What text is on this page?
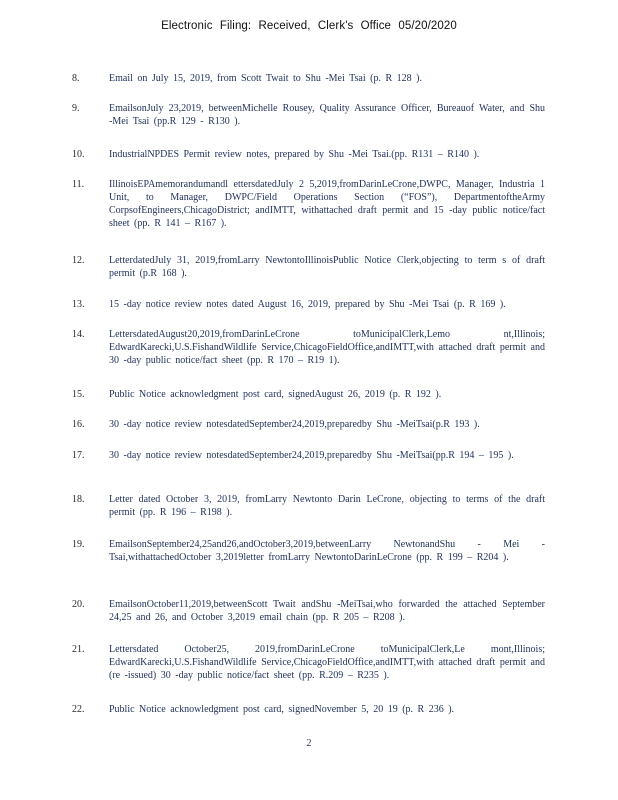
Electronic Filing: Received, Clerk's Office 05/20/2020
8.	Email on July 15, 2019, from Scott Twait to Shu -Mei Tsai (p. R 128 ).
9.	EmailsonJuly 23,2019, betweenMichelle Rousey, Quality Assurance Officer, Bureauof Water, and Shu -Mei Tsai (pp.R 129 - R130 ).
10.	IndustrialNPDES Permit review notes, prepared by Shu -Mei Tsai.(pp. R131 – R140 ).
11.	IllinoisEPAmemorandumandl ettersdatedJuly 2 5,2019,fromDarinLeCrone,DWPC, Manager, Industria 1 Unit, to Manager, DWPC/Field Operations Section (“FOS”), DepartmentoftheArmy CorpsofEngineers,ChicagoDistrict; andIMTT, withattached draft permit and 15 -day public notice/fact sheet (pp. R 141 – R167 ).
12.	LetterdatedJuly 31, 2019,fromLarry NewtontoIllinoisPublic Notice Clerk,objecting to term s of draft permit (p.R 168 ).
13.	15 -day notice review notes dated August 16, 2019, prepared by Shu -Mei Tsai (p. R 169 ).
14.	LettersdatedAugust20,2019,fromDarinLeCrone toMunicipalClerk,Lemo nt,Illinois; EdwardKarecki,U.S.FishandWildlife Service,ChicagoFieldOffice,andIMTT,with attached draft permit and 30 -day public notice/fact sheet (pp. R 170 – R19 1).
15.	Public Notice acknowledgment post card, signedAugust 26, 2019 (p. R 192 ).
16.	30 -day notice review notesdatedSeptember24,2019,preparedby Shu -MeiTsai(p.R 193 ).
17.	30 -day notice review notesdatedSeptember24,2019,preparedby Shu -MeiTsai(pp.R 194 – 195 ).
18.	Letter dated October 3, 2019, fromLarry Newtonto Darin LeCrone, objecting to terms of the draft permit (pp. R 196 – R198 ).
19.	EmailsonSeptember24,25and26,andOctober3,2019,betweenLarry NewtonandShu - Mei -Tsai,withattachedOctober 3,2019letter fromLarry NewtontoDarinLeCrone (pp. R 199 – R204 ).
20.	EmailsonOctober11,2019,betweenScott Twait andShu -MeiTsai,who forwarded the attached September 24,25 and 26, and October 3,2019 email chain (pp. R 205 – R208 ).
21.	Lettersdated October25, 2019,fromDarinLeCrone toMunicipalClerk,Le mont,Illinois; EdwardKarecki,U.S.FishandWildlife Service,ChicagoFieldOffice,andIMTT,with attached draft permit and (re -issued) 30 -day public notice/fact sheet (pp. R.209 – R235 ).
22.	Public Notice acknowledgment post card, signedNovember 5, 20 19 (p. R 236 ).
2
